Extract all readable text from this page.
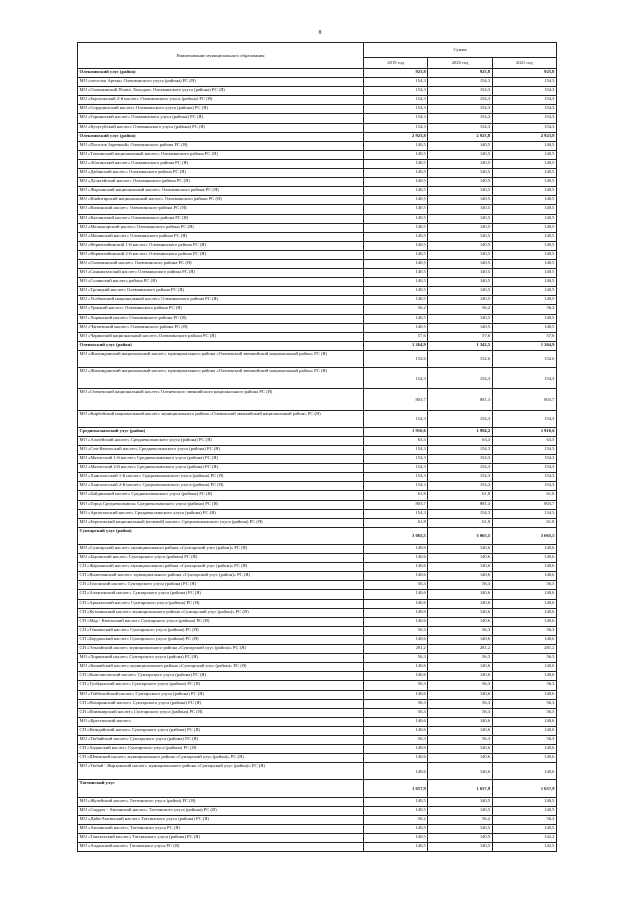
8
Наименование муниципального образования	Сумма		
	2019 год	2020 год	2021 год
Олекминский улус (район)	925,8	925,8	925,8
МО «поселок Артык» Олекминского улуса (района) РС (Я)	154,3	154,3	154,3
МО «Олекминский Полюс Холодов» Олекминского улуса (района) РС (Я)	154,3	154,3	154,3
МО «Борогонский 2-й наслег» Олекминского улуса (района) РС (Я)	154,3	154,3	154,3
МО «Сордонохский наслег» Олекминского улуса (района) РС (Я)	154,3	154,3	154,3
МО «Горнинский наслег» Олекминского улуса (района) РС (Я)	154,3	154,3	154,3
МО «Кучугуйский наслег» Олекминского улуса (района) РС (Я)	154,3	154,3	154,3
Олекминский улус (район)	2 923,8	2 923,8	2 923,8
МО «Поселок Заречный» Олекминского района РС (Я)	140,5	140,5	140,5
МО «Токкинский национальный наслег» Олекминского района РС (Я)	140,5	140,5	140,5
МО «Абагинский наслег» Олекминского района РС (Я)	140,5	140,5	140,5
МО «Дабанский наслег» Олекминского района РС (Я)	140,5	140,5	140,5
МО «Дельгейский наслег» Олекминского района РС (Я)	140,5	140,5	140,5
МО «Жарханский национальный наслег» Олекминского района РС (Я)	140,5	140,5	140,5
МО «Кindигирский национальный наслег» Олекминского района РС (Я)	140,5	140,5	140,5
МО «Килинский наслег» Олекминского района РС (Я)	140,5	140,5	140,5
МО «Кятчинский наслег» Олекминского района РС (Я)	140,5	140,5	140,5
МО «Малжагарский наслег» Олекминского района РС (Я)	140,5	140,5	140,5
МО «Мачинский наслег» Олекминского района РС (Я)	140,5	140,5	140,5
МО «Нерюктяйинский 1-й наслег» Олекминского района РС (Я)	140,5	140,5	140,5
МО «Нерюктяйинский 2-й наслег» Олекминского района РС (Я)	140,5	140,5	140,5
МО «Олекминский наслег» Олекминского района РС (Я)	140,5	140,5	140,5
МО «Саныяхтахский наслег» Олекминского района РС (Я)	140,5	140,5	140,5
МО «Солянский наслег» района РС (Я)	140,5	140,5	140,5
МО «Троицкий наслег» Олекминского района РС (Я)	140,5	140,5	140,5
МО «Уолбинский национальный наслег» Олекминского района РС (Я)	140,5	140,5	140,5
МО «Урицкий наслег» Олекминского района РС (Я)	56,2	56,2	56,2
МО «Хоринский наслег» Олекминского района РС (Я)	140,5	140,5	140,5
МО «Чапаевский наслег» Олекминского района РС (Я)	140,5	140,5	140,5
МО «Чаринский национальный наслег» Олекминского района РС (Я)	57,6	57,6	57,6
Оленекский улус (район)	1 264,9	1 342,5	1 264,9
МО «Жилиндинский национальный наслег» муниципального района «Оленекский эвенкийский национальный район» РС (Я)	152,6	152,6	152,6
МО «Жилиндинский национальный наслег» муниципального района «Оленекский эвенкийский национальный район» РС (Я)	154,3	154,3	154,3
МО «Оленекский национальный наслег» Оленекского эвенкийского национального района РС (Я)	803,7	881,3	803,7
МО «Кирбейский национальный наслег» муниципального района «Оленекский эвенкийский национальный район» РС (Я)	154,3	154,3	154,3
Среднеколымский улус (район)	1 916,6	1 994,2	1 916,6
МО «Алазейский наслег» Среднеколымского улуса (района) РС (Я)	63,3	63,3	63,3
МО «Сен-Кюельский наслег» Среднеколымского улуса (района) РС (Я)	154,3	154,3	154,3
МО «Мятисский 1-й наслег» Среднеколымского улуса (района) РС (Я)	154,3	154,3	154,3
МО «Мятисский 2-й наслег» Среднеколымского улуса (района) РС (Я)	154,3	154,3	154,3
МО «Хангаласский 1-й наслег» Среднеколымского улуса (района) РС (Я)	154,3	154,3	154,3
МО «Хангаласский 2-й наслег» Среднеколымского улуса (района) РС (Я)	154,3	154,3	154,3
МО «Байдинский наслег» Среднеколымского улуса (района) РС (Я)	61,8	61,8	61,8
МО «Город Среднеколымск» Среднеколымского улуса (района) РС (Я)	803,7	881,3	803,7
МО «Аргахтахский наслег» Среднеколымского улуса (района) РС (Я)	154,3	154,3	154,3
МО «Березовский национальный (кочевой) наслег» Среднеколымского улуса (района) РС (Я)	61,8	61,8	61,8
Сунтарский улус (район)	3 065,5	3 065,5	3 065,5
МО «Сунтарский наслег» муниципального района «Сунтарский улус (район)» РС (Я)	140,6	140,6	140,6
МО «Боронский наслег» Сунтарского улуса (района) РС (Я)	140,6	140,6	140,6
СП «Жарханский наслег» муниципального района «Сунтарский улус (район)» РС (Я)	140,6	140,6	140,6
СП «Вилючанский наслег» муниципального района «Сунтарский улус (район)» РС (Я)	140,6	140,6	140,6
СП «Толонский наслег» Сунтарского улуса (района) РС (Я)	56,3	56,3	56,3
СП «Аллагинский наслег» Сунтарского улуса (района) РС (Я)	140,6	140,6	140,6
СП «Арылахский наслег» Сунтарского улуса (района) РС (Я)	140,6	140,6	140,6
СП «Кутанинский наслег» муниципального района «Сунтарский улус (район)» РС (Я)	140,6	140,6	140,6
СП «Мар - Кюельский наслег» Сунтарского улуса (района) РС (Я)	140,6	140,6	140,6
СП «Тенкинский наслег» Сунтарского улуса (района) РС (Я)	56,3	56,3	56,3
СП «Бордонский наслег» Сунтарского улуса (района) РС (Я)	140,6	140,6	140,6
СП «Эльгяйский наслег» муниципального района «Сунтарский улус (район)» РС (Я)	281,2	281,2	281,2
МО «Хоринский наслег» Сунтарского улуса (района) РС (Я)	56,3	56,3	56,3
МО «Кюкяйский наслег» муниципального района «Сунтарский улус (район)» РС (Я)	140,6	140,6	140,6
СП «Комсомольский наслег» Сунтарского улуса (района) РС (Я)	140,6	140,6	140,6
СП «Туойдахский наслег» Сунтарского улуса (района) РС (Я)	56,3	56,3	56,3
МО «Тойбохойский наслег» Сунтарского улуса (района) РС (Я)	140,6	140,6	140,6
СП «Нахаринский наслег» Сунтарского улуса (района) РС (Я)	56,3	56,3	56,3
СП «Илимнирский наслег» Сунтарского улуса (района) РС (Я)	56,3	56,3	56,3
МО «Крестяхский наслег»	140,6	140,6	140,6
СП «Кюндяйский наслег» Сунтарского улуса (района) РС (Я)	140,6	140,6	140,6
МО «Тюбяйский наслег» Сунтарского улуса (района) РС (Я)	56,3	56,3	56,3
СП «Хаданский наслег» Сунтарского улуса (района) РС (Я)	140,6	140,6	140,6
СП «Шеинский наслег» муниципального района «Сунтарский улус (район)» РС (Я)	140,6	140,6	140,6
МО «Тюбяй - Жарханский наслег» муниципального района «Сунтарский улус (район)» РС (Я)	140,6	140,6	140,6
Таттинский улус	1 657,9	1 657,9	1 657,9
МО «Жулейский наслег» Таттинского улуса (район) РС (Я)	140,5	140,5	140,5
МО «Сырдах - Амгинский наслег» Таттинского улуса (района) РС (Я)	140,5	140,5	140,5
МО «Дайа-Амгинский наслег» Таттинского улуса (района) РС (Я)	56,2	56,2	56,2
МО «Амгинский наслег» Таттинского улуса РС (Я)	140,5	140,5	140,5
МО «Таяхтахский наслег» Таттинского улуса (района) РС (Я)	140,5	140,5	142,2
МО «Алданский наслег» Таттинского улуса РС (Я)	140,5	140,5	142,5
